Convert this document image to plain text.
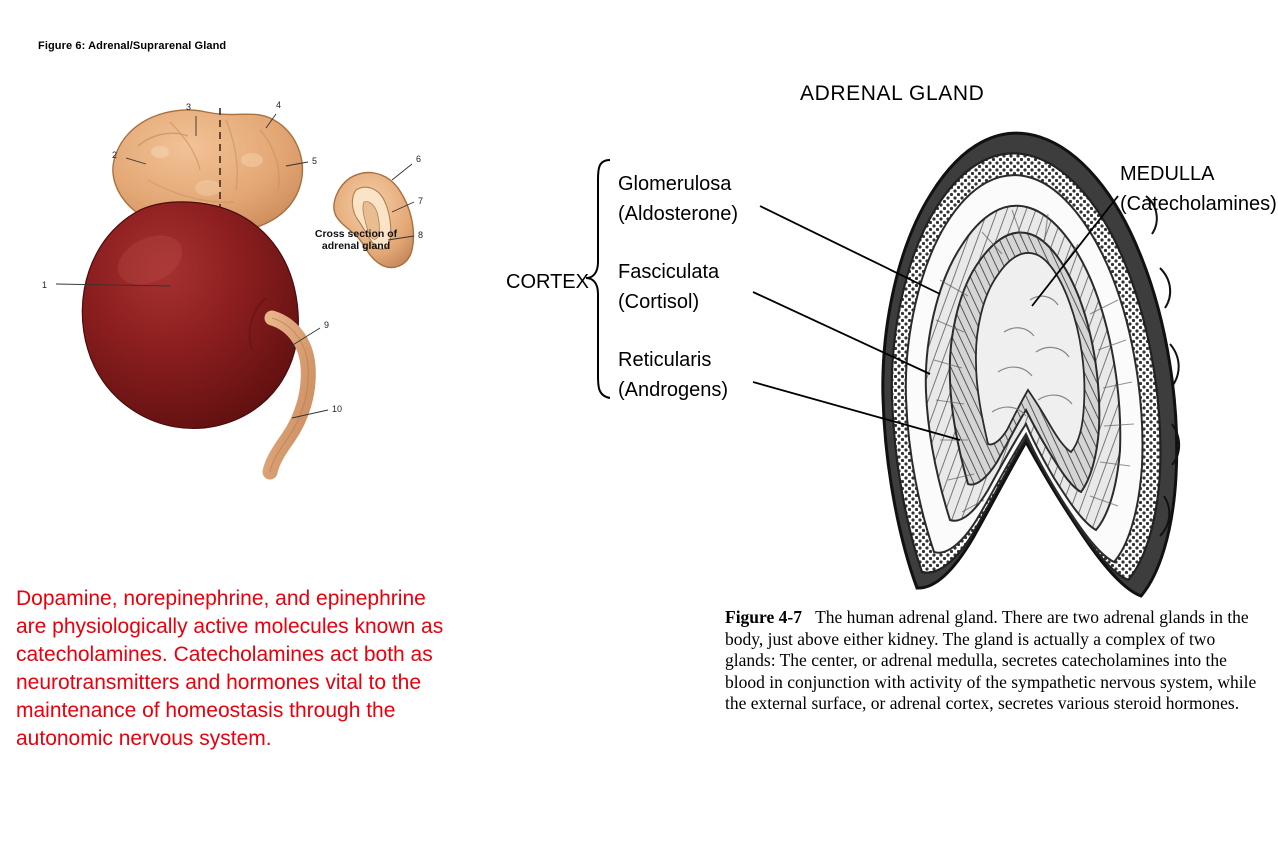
Figure 6: Adrenal/Suprarenal Gland
3	4
2
5
1
9
10
6
7
8
Cross section of
adrenal gland
Dopamine, norepinephrine, and epinephrine are physiologically active molecules known as catecholamines. Catecholamines act both as neurotransmitters and hormones vital to the maintenance of homeostasis through the autonomic nervous system.
ADRENAL GLAND
CORTEX
Glomerulosa
(Aldosterone)
Fasciculata
(Cortisol)
Reticularis
(Androgens)
MEDULLA
(Catecholamines)
Figure 4-7 The human adrenal gland. There are two adrenal glands in the body, just above either kidney. The gland is actually a complex of two glands: The center, or adrenal medulla, secretes catecholamines into the blood in conjunction with activity of the sympathetic nervous system, while the external surface, or adrenal cortex, secretes various steroid hormones.
